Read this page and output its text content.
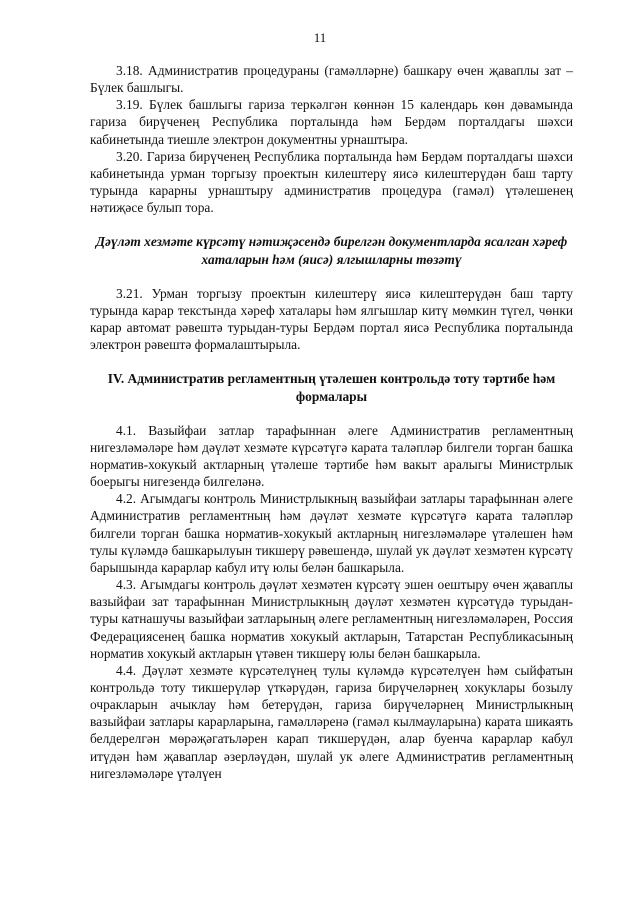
11

3.18. Административ процедураны (гамәлләрне) башкару өчен җаваплы зат – Бүлек башлыгы.

3.19. Бүлек башлыгы гариза теркәлгән көннән 15 календарь көн дәвамында гариза бирүченең Республика порталында һәм Бердәм порталдагы шәхси кабинетында тиешле электрон документны урнаштыра.

3.20. Гариза бирүченең Республика порталында һәм Бердәм порталдагы шәхси кабинетында урман торгызу проектын килештерү яисә килештерүдән баш тарту турында карарны урнаштыру административ процедура (гамәл) үтәлешенең нәтиҗәсе булып тора.

Дәүләт хезмәте күрсәтү нәтиҗәсендә бирелгән документларда ясалган хәреф хаталарын һәм (яисә) ялгышларны төзәтү

3.21. Урман торгызу проектын килештерү яисә килештерүдән баш тарту турында карар текстында хәреф хаталары һәм ялгышлар китү мөмкин түгел, чөнки карар автомат рәвештә турыдан-туры Бердәм портал яисә Республика порталында электрон рәвештә формалаштырыла.

IV. Административ регламентның үтәлешен контрольдә тоту тәртибе һәм формалары

4.1. Вазыйфаи затлар тарафыннан әлеге Административ регламентның нигезләмәләре һәм дәүләт хезмәте күрсәтүгә карата таләпләр билгели торган башка норматив-хокукый актларның үтәлеше тәртибе һәм вакыт аралыгы Министрлык боерыгы нигезендә билгеләнә.

4.2. Агымдагы контроль Министрлыкның вазыйфаи затлары тарафыннан әлеге Административ регламентның һәм дәүләт хезмәте күрсәтүгә карата таләпләр билгели торган башка норматив-хокукый актларның нигезләмәләре үтәлешен һәм тулы күләмдә башкарылуын тикшерү рәвешендә, шулай ук дәүләт хезмәтен күрсәтү барышында карарлар кабул итү юлы белән башкарыла.

4.3. Агымдагы контроль дәүләт хезмәтен күрсәтү эшен оештыру өчен җаваплы вазыйфаи зат тарафыннан Министрлыкның дәүләт хезмәтен күрсәтүдә турыдан-туры катнашучы вазыйфаи затларының әлеге регламентның нигезләмәләрен, Россия Федерациясенең башка норматив хокукый актларын, Татарстан Республикасының норматив хокукый актларын үтәвен тикшерү юлы белән башкарыла.

4.4. Дәүләт хезмәте күрсәтелүнең тулы күләмдә күрсәтелүен һәм сыйфатын контрольдә тоту тикшерүләр үткәрүдән, гариза бирүчеләрнең хокуклары бозылу очракларын ачыклау һәм бетерүдән, гариза бирүчеләрнең Министрлыкның вазыйфаи затлары карарларына, гамәлләренә (гамәл кылмауларына) карата шикаять белдерелгән мөрәҗәгатьләрен карап тикшерүдән, алар буенча карарлар кабул итүдән һәм җаваплар әзерләүдән, шулай ук әлеге Административ регламентның нигезләмәләре үтәлүен
